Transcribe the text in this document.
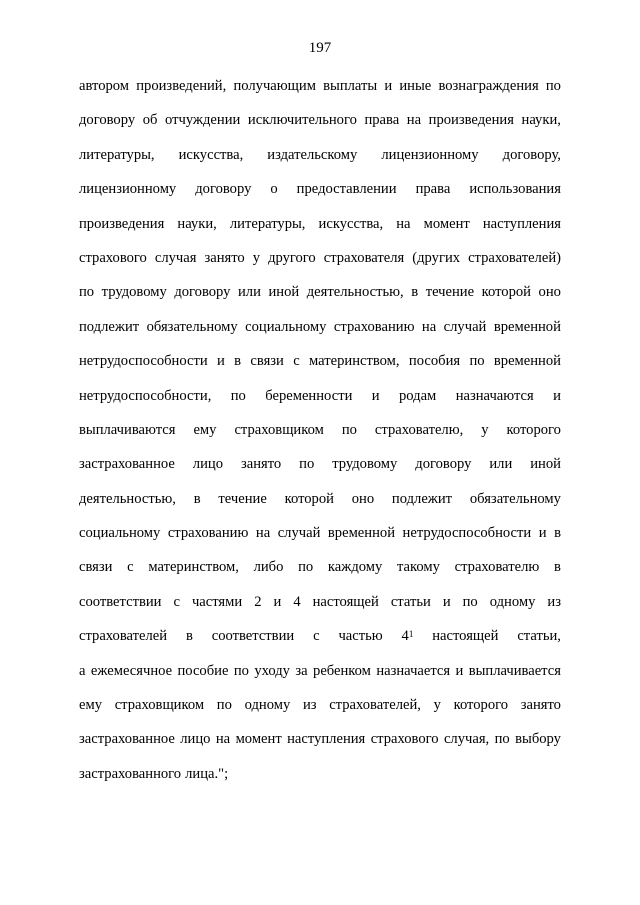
197
автором произведений, получающим выплаты и иные вознаграждения по
договору об отчуждении исключительного права на произведения науки,
литературы, искусства, издательскому лицензионному договору,
лицензионному договору о предоставлении права использования
произведения науки, литературы, искусства, на момент наступления
страхового случая занято у другого страхователя (других страхователей)
по трудовому договору или иной деятельностью, в течение которой оно
подлежит обязательному социальному страхованию на случай временной
нетрудоспособности и в связи с материнством, пособия по временной
нетрудоспособности, по беременности и родам назначаются и
выплачиваются ему страховщиком по страхователю, у которого
застрахованное лицо занято по трудовому договору или иной
деятельностью, в течение которой оно подлежит обязательному
социальному страхованию на случай временной нетрудоспособности и в
связи с материнством, либо по каждому такому страхователю в
соответствии с частями 2 и 4 настоящей статьи и по одному из
страхователей в соответствии с частью $4^1$ настоящей статьи,
а ежемесячное пособие по уходу за ребенком назначается и выплачивается
ему страховщиком по одному из страхователей, у которого занято
застрахованное лицо на момент наступления страхового случая, по выбору
застрахованного лица.";
